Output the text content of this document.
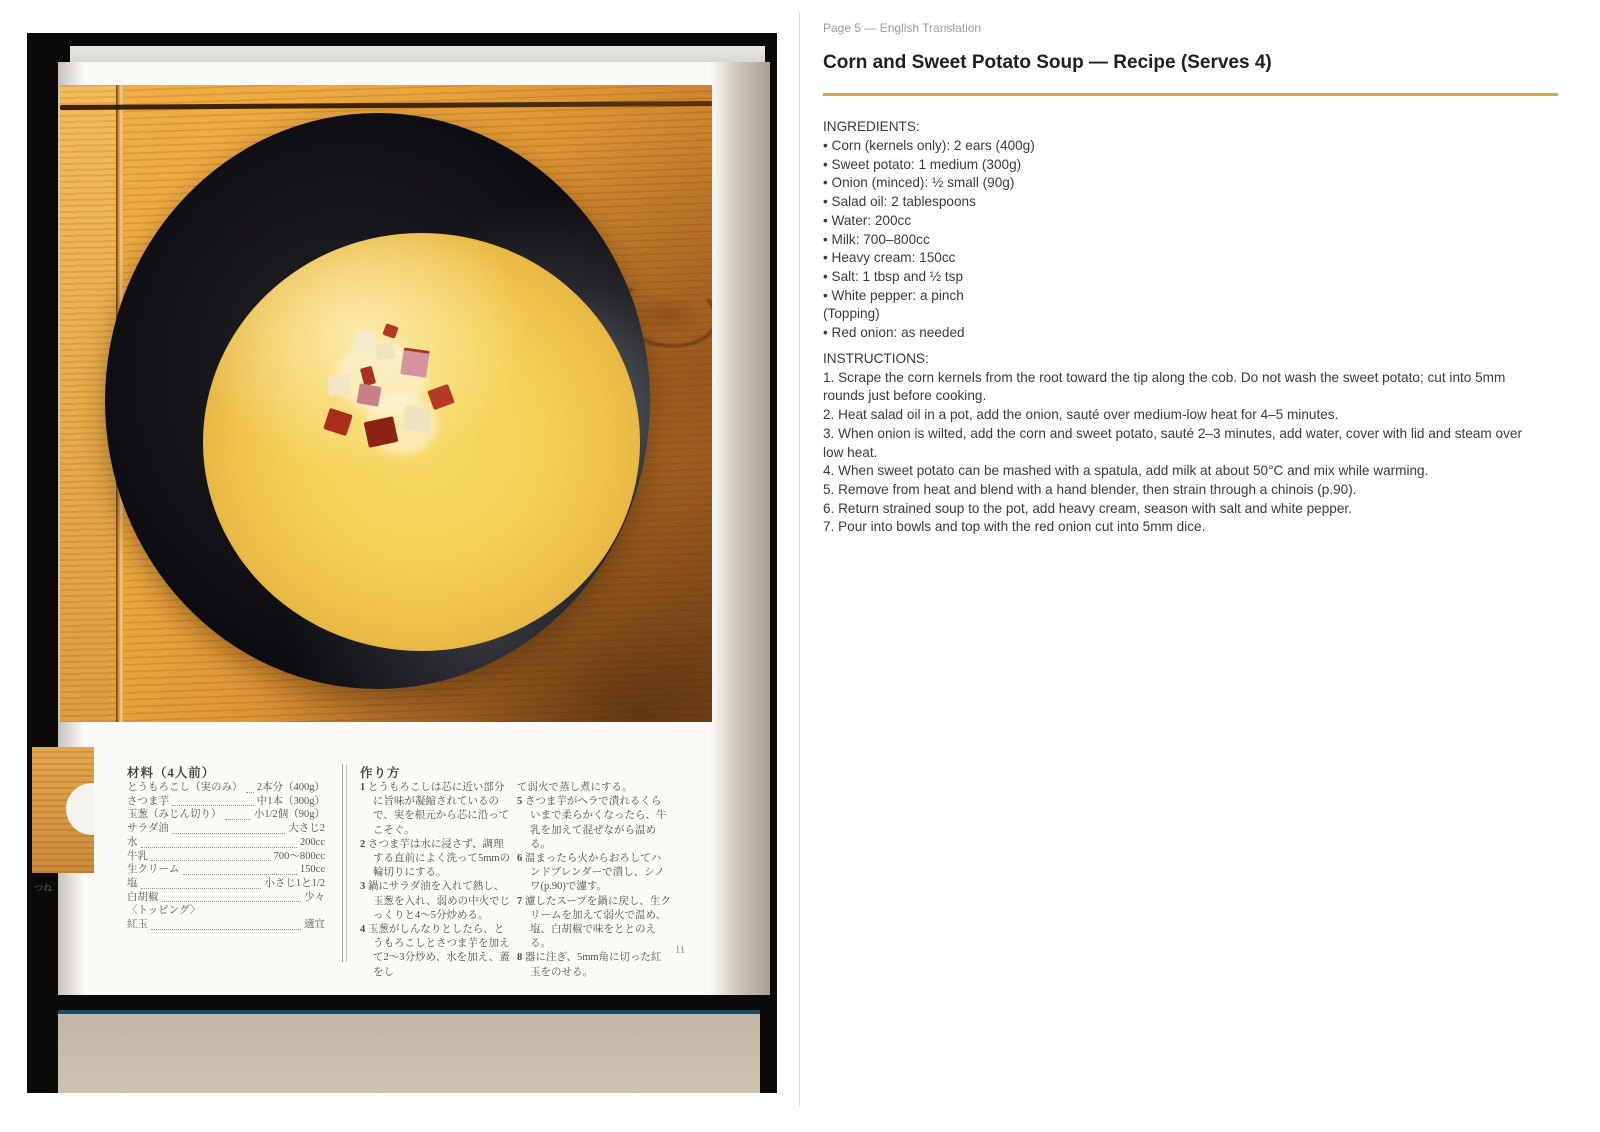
材料（4人前）
とうもろこし（実のみ） 2本分（400g）
さつま芋	中1本（300g）
玉葱（みじん切り）	小1/2個（90g）
サラダ油	大さじ2
水	200cc
牛乳	700〜800cc
生クリーム	150cc
塩	小さじ1と1/2
白胡椒	少々
〈トッピング〉
紅玉	適宜
作り方

1 とうもろこしは芯に近い部分に旨味が凝縮されているので、実を根元から芯に沿ってこそぐ。

2 さつま芋は水に浸さず、調理する直前によく洗って5mmの輪切りにする。

3 鍋にサラダ油を入れて熱し、玉葱を入れ、弱めの中火でじっくりと4〜5分炒める。

4 玉葱がしんなりとしたら、とうもろこしとさつま芋を加えて2〜3分炒め、水を加え、蓋をし

て弱火で蒸し煮にする。

5 さつま芋がヘラで潰れるくらいまで柔らかくなったら、牛乳を加えて混ぜながら温める。

6 温まったら火からおろしてハンドブレンダーで潰し、シノワ(p.90)で濾す。

7 濾したスープを鍋に戻し、生クリームを加えて弱火で温め、塩、白胡椒で味をととのえる。

8 器に注ぎ、5mm角に切った紅玉をのせる。

11
つね
Page 5 — English Translation
Corn and Sweet Potato Soup — Recipe (Serves 4)
INGREDIENTS:

• Corn (kernels only): 2 ears (400g)

• Sweet potato: 1 medium (300g)

• Onion (minced): ½ small (90g)

• Salad oil: 2 tablespoons

• Water: 200cc

• Milk: 700–800cc

• Heavy cream: 150cc

• Salt: 1 tbsp and ½ tsp

• White pepper: a pinch

(Topping)

• Red onion: as needed

INSTRUCTIONS:

1. Scrape the corn kernels from the root toward the tip along the cob. Do not wash the sweet potato; cut into 5mm rounds just before cooking.

2. Heat salad oil in a pot, add the onion, sauté over medium-low heat for 4–5 minutes.

3. When onion is wilted, add the corn and sweet potato, sauté 2–3 minutes, add water, cover with lid and steam over low heat.

4. When sweet potato can be mashed with a spatula, add milk at about 50°C and mix while warming.

5. Remove from heat and blend with a hand blender, then strain through a chinois (p.90).

6. Return strained soup to the pot, add heavy cream, season with salt and white pepper.

7. Pour into bowls and top with the red onion cut into 5mm dice.
